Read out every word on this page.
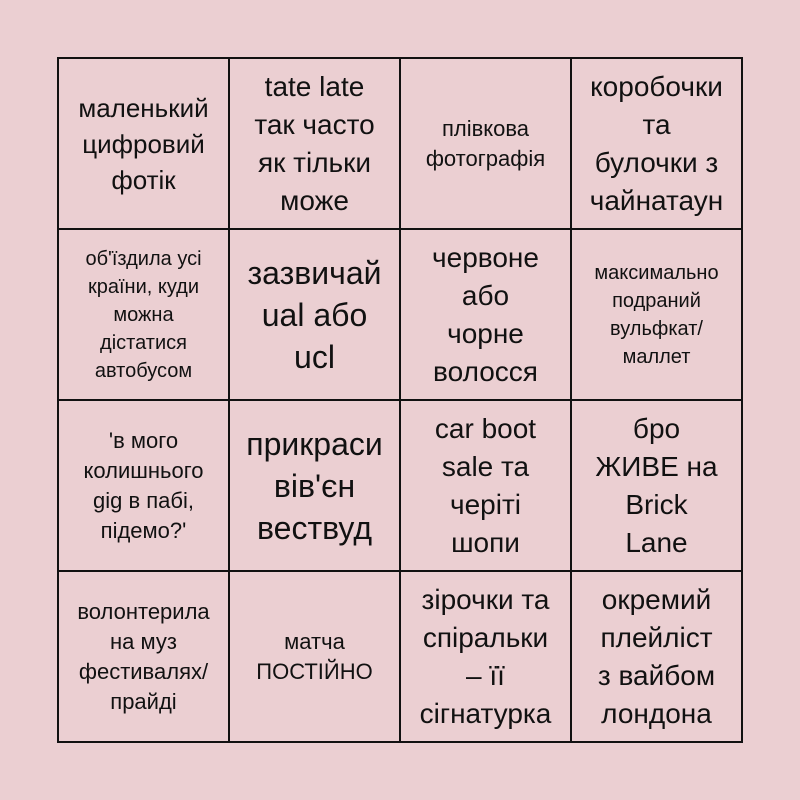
маленький
цифровий
фотік
tate late
так часто
як тільки
може
плівкова
фотографія
коробочки
та
булочки з
чайнатаун
об'їздила усі
країни, куди
можна
дістатися
автобусом
зазвичай
ual або
ucl
червоне
або
чорне
волосся
максимально
подраний
вульфкат/
маллет
'в мого
колишнього
gig в пабі,
підемо?'
прикраси
вів'єн
вествуд
car boot
sale та
черіті
шопи
бро
ЖИВЕ на
Brick
Lane
волонтерила
на муз
фестивалях/
прайді
матча
ПОСТІЙНО
зірочки та
спіральки
– її
сігнатурка
окремий
плейліст
з вайбом
лондона
